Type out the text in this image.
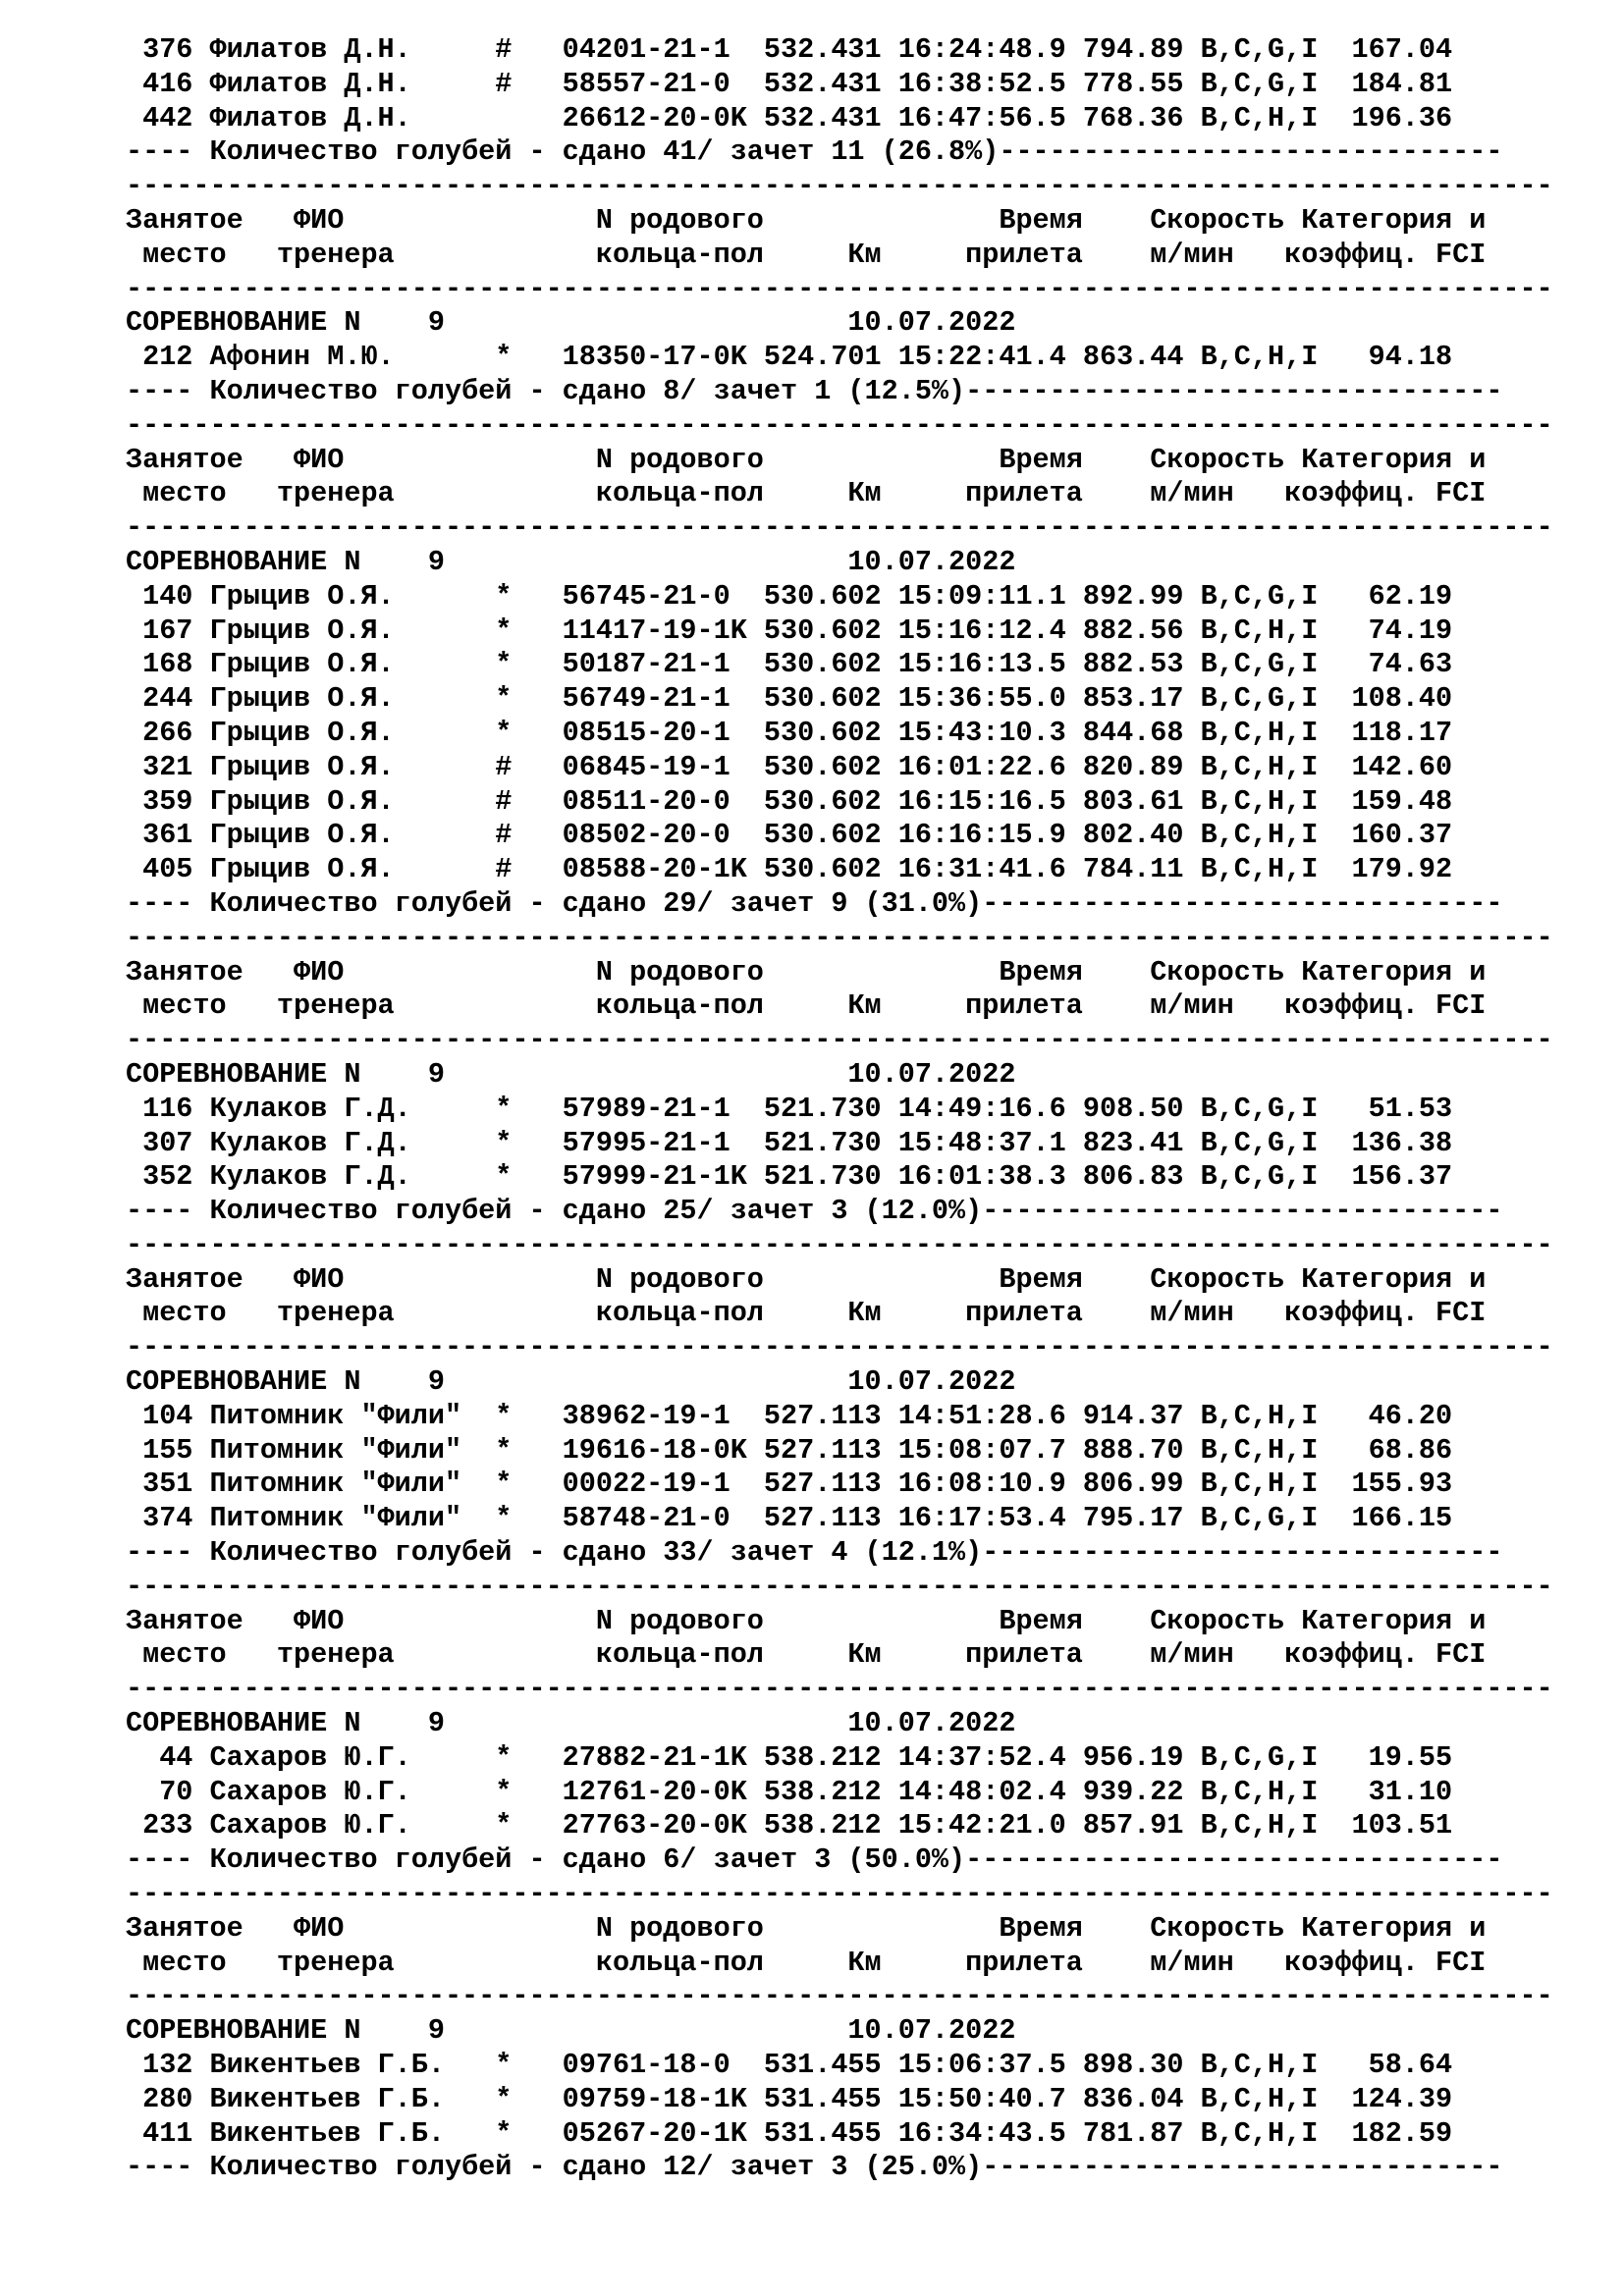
376 Филатов Д.Н.     #   04201-21-1  532.431 16:24:48.9 794.89 B,C,G,I  167.04
416 Филатов Д.Н.     #   58557-21-0  532.431 16:38:52.5 778.55 B,C,G,I  184.81
442 Филатов Д.Н.         26612-20-0K 532.431 16:47:56.5 768.36 B,C,H,I  196.36
---- Количество голубей - сдано 41/ зачет 11 (26.8%)------------------------------
-------------------------------------------------------------------------------------
Занятое   ФИО               N родового              Время    Скорость Категория и
место   тренера            кольца-пол     Км     прилета    м/мин   коэффиц. FCI
-------------------------------------------------------------------------------------
СОРЕВНОВАНИЕ N    9                        10.07.2022
212 Афонин М.Ю.      *   18350-17-0K 524.701 15:22:41.4 863.44 B,C,H,I   94.18
---- Количество голубей - сдано 8/ зачет 1 (12.5%)--------------------------------
-------------------------------------------------------------------------------------
Занятое   ФИО               N родового              Время    Скорость Категория и
место   тренера            кольца-пол     Км     прилета    м/мин   коэффиц. FCI
-------------------------------------------------------------------------------------
СОРЕВНОВАНИЕ N    9                        10.07.2022
140 Грыцив О.Я.      *   56745-21-0  530.602 15:09:11.1 892.99 B,C,G,I   62.19
167 Грыцив О.Я.      *   11417-19-1K 530.602 15:16:12.4 882.56 B,C,H,I   74.19
168 Грыцив О.Я.      *   50187-21-1  530.602 15:16:13.5 882.53 B,C,G,I   74.63
244 Грыцив О.Я.      *   56749-21-1  530.602 15:36:55.0 853.17 B,C,G,I  108.40
266 Грыцив О.Я.      *   08515-20-1  530.602 15:43:10.3 844.68 B,C,H,I  118.17
321 Грыцив О.Я.      #   06845-19-1  530.602 16:01:22.6 820.89 B,C,H,I  142.60
359 Грыцив О.Я.      #   08511-20-0  530.602 16:15:16.5 803.61 B,C,H,I  159.48
361 Грыцив О.Я.      #   08502-20-0  530.602 16:16:15.9 802.40 B,C,H,I  160.37
405 Грыцив О.Я.      #   08588-20-1K 530.602 16:31:41.6 784.11 B,C,H,I  179.92
---- Количество голубей - сдано 29/ зачет 9 (31.0%)-------------------------------
-------------------------------------------------------------------------------------
Занятое   ФИО               N родового              Время    Скорость Категория и
место   тренера            кольца-пол     Км     прилета    м/мин   коэффиц. FCI
-------------------------------------------------------------------------------------
СОРЕВНОВАНИЕ N    9                        10.07.2022
116 Кулаков Г.Д.     *   57989-21-1  521.730 14:49:16.6 908.50 B,C,G,I   51.53
307 Кулаков Г.Д.     *   57995-21-1  521.730 15:48:37.1 823.41 B,C,G,I  136.38
352 Кулаков Г.Д.     *   57999-21-1K 521.730 16:01:38.3 806.83 B,C,G,I  156.37
---- Количество голубей - сдано 25/ зачет 3 (12.0%)-------------------------------
-------------------------------------------------------------------------------------
Занятое   ФИО               N родового              Время    Скорость Категория и
место   тренера            кольца-пол     Км     прилета    м/мин   коэффиц. FCI
-------------------------------------------------------------------------------------
СОРЕВНОВАНИЕ N    9                        10.07.2022
104 Питомник "Фили"  *   38962-19-1  527.113 14:51:28.6 914.37 B,C,H,I   46.20
155 Питомник "Фили"  *   19616-18-0K 527.113 15:08:07.7 888.70 B,C,H,I   68.86
351 Питомник "Фили"  *   00022-19-1  527.113 16:08:10.9 806.99 B,C,H,I  155.93
374 Питомник "Фили"  *   58748-21-0  527.113 16:17:53.4 795.17 B,C,G,I  166.15
---- Количество голубей - сдано 33/ зачет 4 (12.1%)-------------------------------
-------------------------------------------------------------------------------------
Занятое   ФИО               N родового              Время    Скорость Категория и
место   тренера            кольца-пол     Км     прилета    м/мин   коэффиц. FCI
-------------------------------------------------------------------------------------
СОРЕВНОВАНИЕ N    9                        10.07.2022
44 Сахаров Ю.Г.     *   27882-21-1K 538.212 14:37:52.4 956.19 B,C,G,I   19.55
70 Сахаров Ю.Г.     *   12761-20-0K 538.212 14:48:02.4 939.22 B,C,H,I   31.10
233 Сахаров Ю.Г.     *   27763-20-0K 538.212 15:42:21.0 857.91 B,C,H,I  103.51
---- Количество голубей - сдано 6/ зачет 3 (50.0%)--------------------------------
-------------------------------------------------------------------------------------
Занятое   ФИО               N родового              Время    Скорость Категория и
место   тренера            кольца-пол     Км     прилета    м/мин   коэффиц. FCI
-------------------------------------------------------------------------------------
СОРЕВНОВАНИЕ N    9                        10.07.2022
132 Викентьев Г.Б.   *   09761-18-0  531.455 15:06:37.5 898.30 B,C,H,I   58.64
280 Викентьев Г.Б.   *   09759-18-1K 531.455 15:50:40.7 836.04 B,C,H,I  124.39
411 Викентьев Г.Б.   *   05267-20-1K 531.455 16:34:43.5 781.87 B,C,H,I  182.59
---- Количество голубей - сдано 12/ зачет 3 (25.0%)-------------------------------
